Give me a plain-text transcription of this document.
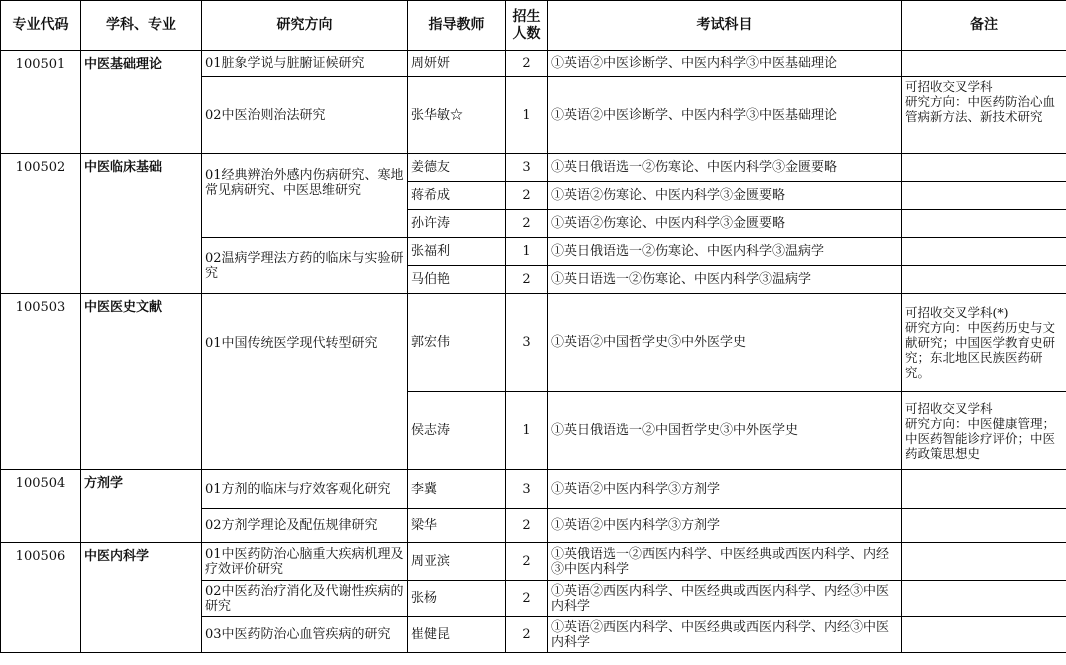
专业代码	学科、专业	研究方向	指导教师	招生人数	考试科目	备注
100501	中医基础理论	01脏象学说与脏腑证候研究	周妍妍	2	①英语②中医诊断学、中医内科学③中医基础理论	
		02中医治则治法研究	张华敏☆	1	①英语②中医诊断学、中医内科学③中医基础理论	可招收交叉学科
研究方向：中医药防治心血管病新方法、新技术研究
100502	中医临床基础	01经典辨治外感内伤病研究、寒地常见病研究、中医思维研究	姜德友	3	①英日俄语选一②伤寒论、中医内科学③金匮要略	
			蒋希成	2	①英语②伤寒论、中医内科学③金匮要略	
			孙许涛	2	①英语②伤寒论、中医内科学③金匮要略	
		02温病学理法方药的临床与实验研究	张福利	1	①英日俄语选一②伤寒论、中医内科学③温病学	
			马伯艳	2	①英日语选一②伤寒论、中医内科学③温病学	
100503	中医医史文献	01中国传统医学现代转型研究	郭宏伟	3	①英语②中国哲学史③中外医学史	可招收交叉学科(*)
研究方向：中医药历史与文献研究；中国医学教育史研究；东北地区民族医药研究。
			侯志涛	1	①英日俄语选一②中国哲学史③中外医学史	可招收交叉学科
研究方向：中医健康管理；中医药智能诊疗评价；中医药政策思想史
100504	方剂学	01方剂的临床与疗效客观化研究	李冀	3	①英语②中医内科学③方剂学	
		02方剂学理论及配伍规律研究	梁华	2	①英语②中医内科学③方剂学	
100506	中医内科学	01中医药防治心脑重大疾病机理及疗效评价研究	周亚滨	2	①英俄语选一②西医内科学、中医经典或西医内科学、内经③中医内科学	
		02中医药治疗消化及代谢性疾病的研究	张杨	2	①英语②西医内科学、中医经典或西医内科学、内经③中医内科学	
		03中医药防治心血管疾病的研究	崔健昆	2	①英语②西医内科学、中医经典或西医内科学、内经③中医内科学	
